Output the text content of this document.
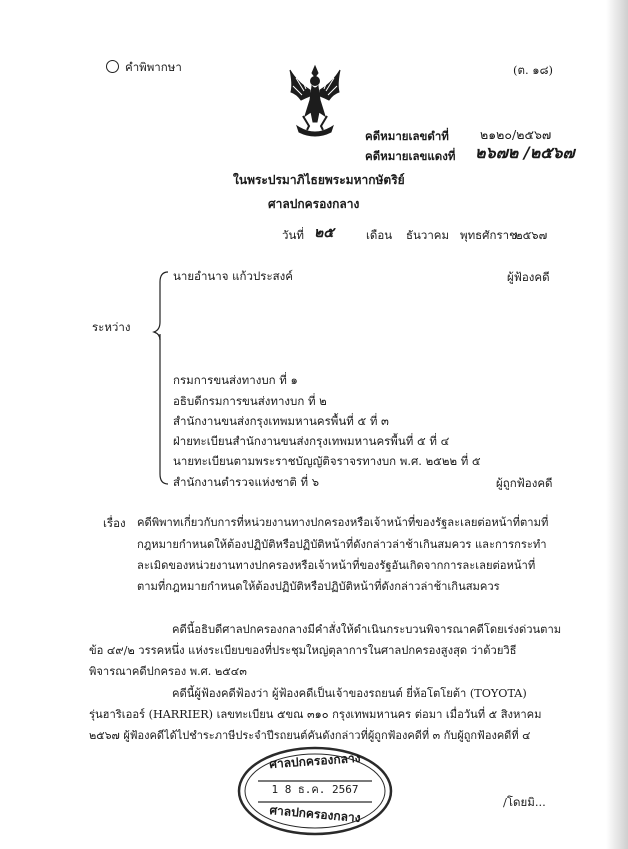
คำพิพากษา	(ต. ๑๘)
คดีหมายเลขดำที่ ๒๑๒๐/๒๕๖๗
คดีหมายเลขแดงที่ ๒๖๗๒ /๒๕๖๗
ในพระปรมาภิไธยพระมหากษัตริย์
ศาลปกครองกลาง
วันที่ ๒๕	เดือน ธันวาคม พุทธศักราช
๒๕๖๗
ระหว่าง
นายอำนาจ แก้วประสงค์	ผู้ฟ้องคดี
กรมการขนส่งทางบก ที่ ๑
อธิบดีกรมการขนส่งทางบก ที่ ๒
สำนักงานขนส่งกรุงเทพมหานครพื้นที่ ๕ ที่ ๓
ฝ่ายทะเบียนสำนักงานขนส่งกรุงเทพมหานครพื้นที่ ๕ ที่ ๔
นายทะเบียนตามพระราชบัญญัติจราจรทางบก พ.ศ. ๒๕๒๒ ที่ ๕
สำนักงานตำรวจแห่งชาติ ที่ ๖	ผู้ถูกฟ้องคดี
เรื่อง คดีพิพาทเกี่ยวกับการที่หน่วยงานทางปกครองหรือเจ้าหน้าที่ของรัฐละเลยต่อหน้าที่ตามที่
กฎหมายกำหนดให้ต้องปฏิบัติหรือปฏิบัติหน้าที่ดังกล่าวล่าช้าเกินสมควร และการกระทำ
ละเมิดของหน่วยงานทางปกครองหรือเจ้าหน้าที่ของรัฐอันเกิดจากการละเลยต่อหน้าที่
ตามที่กฎหมายกำหนดให้ต้องปฏิบัติหรือปฏิบัติหน้าที่ดังกล่าวล่าช้าเกินสมควร
คดีนี้อธิบดีศาลปกครองกลางมีคำสั่งให้ดำเนินกระบวนพิจารณาคดีโดยเร่งด่วนตาม
ข้อ ๔๙/๒ วรรคหนึ่ง แห่งระเบียบของที่ประชุมใหญ่ตุลาการในศาลปกครองสูงสุด ว่าด้วยวิธี
พิจารณาคดีปกครอง พ.ศ. ๒๕๔๓
คดีนี้ผู้ฟ้องคดีฟ้องว่า ผู้ฟ้องคดีเป็นเจ้าของรถยนต์ ยี่ห้อโตโยต้า (TOYOTA)
รุ่นฮาริเออร์ (HARRIER) เลขทะเบียน ๕ขณ ๓๑๐ กรุงเทพมหานคร ต่อมา เมื่อวันที่ ๕ สิงหาคม
๒๕๖๗ ผู้ฟ้องคดีได้ไปชำระภาษีประจำปีรถยนต์คันดังกล่าวที่ผู้ถูกฟ้องคดีที่ ๓ กับผู้ถูกฟ้องคดีที่ ๔
ศาลปกครองกลาง
1 8 ธ.ค. 2567
ศาลปกครองกลาง
/โดยมิ...
